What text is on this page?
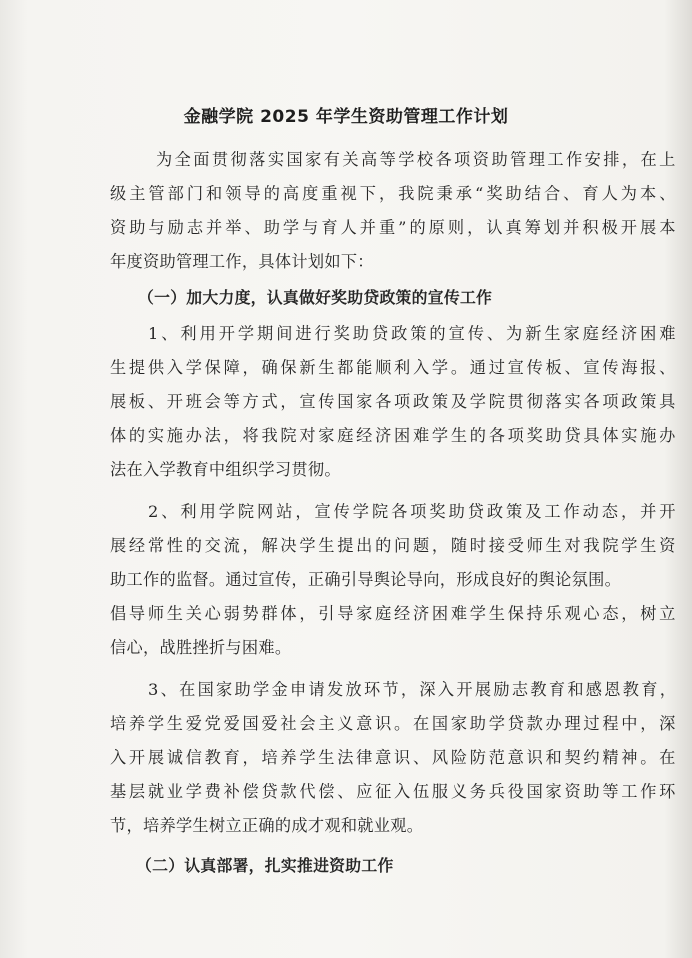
金融学院 2025 年学生资助管理工作计划
为全面贯彻落实国家有关高等学校各项资助管理工作安排，在上
级主管部门和领导的高度重视下，我院秉承“奖助结合、育人为本、
资助与励志并举、助学与育人并重”的原则，认真筹划并积极开展本
年度资助管理工作，具体计划如下：
（一）加大力度，认真做好奖助贷政策的宣传工作
1、利用开学期间进行奖助贷政策的宣传、为新生家庭经济困难
生提供入学保障，确保新生都能顺利入学。通过宣传板、宣传海报、
展板、开班会等方式，宣传国家各项政策及学院贯彻落实各项政策具
体的实施办法，将我院对家庭经济困难学生的各项奖助贷具体实施办
法在入学教育中组织学习贯彻。
2、利用学院网站，宣传学院各项奖助贷政策及工作动态，并开
展经常性的交流，解决学生提出的问题，随时接受师生对我院学生资
助工作的监督。通过宣传，正确引导舆论导向，形成良好的舆论氛围。
倡导师生关心弱势群体，引导家庭经济困难学生保持乐观心态，树立
信心，战胜挫折与困难。
3、在国家助学金申请发放环节，深入开展励志教育和感恩教育，
培养学生爱党爱国爱社会主义意识。在国家助学贷款办理过程中，深
入开展诚信教育，培养学生法律意识、风险防范意识和契约精神。在
基层就业学费补偿贷款代偿、应征入伍服义务兵役国家资助等工作环
节，培养学生树立正确的成才观和就业观。
（二）认真部署，扎实推进资助工作
